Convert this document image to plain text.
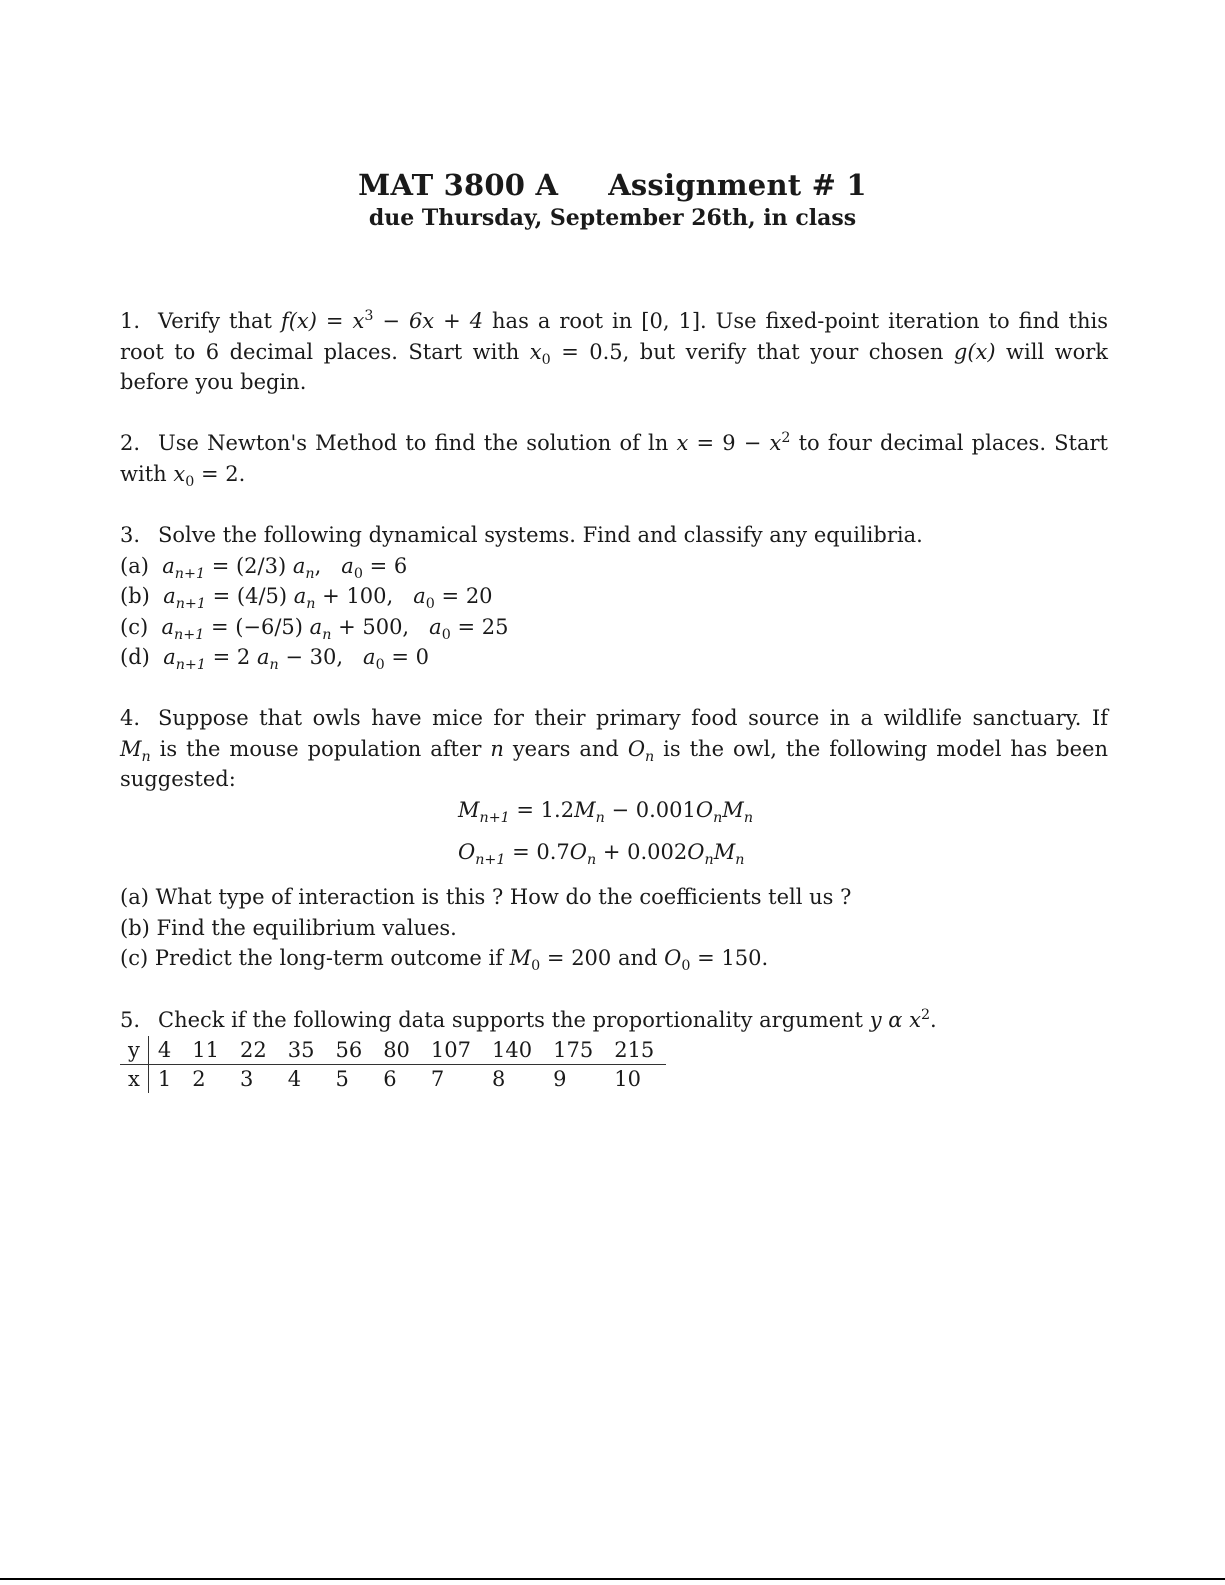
MAT 3800 A Assignment # 1
due Thursday, September 26th, in class
1. Verify that $f(x) = x^3 - 6x + 4$ has a root in [0, 1]. Use fixed-point iteration to find this
root to 6 decimal places. Start with $x_0 = 0.5$, but verify that your chosen g(x) will work
before you begin.
2. Use Newton's Method to find the solution of $\ln x = 9 - x^2$ to four decimal places. Start
with $x_0 = 2$.
3. Solve the following dynamical systems. Find and classify any equilibria.
(a) $a_{n+1} = (2/3)$ $a_n$, $a_0 = 6$
(b) $a_{n+1} = (4/5) a_n + 100$, $a_0 = 20$
(c) $a_{n+1} = (-6/5) a_n + 500$, $a_0 = 25$
(d) $a_{n+1} = 2$ $a_n - 30$, $a_0 = 0$
4. Suppose that owls have mice for their primary food source in a wildlife sanctuary. If
$M_n$ is the mouse population after n years and $O_n$ is the owl, the following model has been
suggested:
$M_{n+1} = 1.2M_n - 0.001O_nM_n$
$O_{n+1} = 0.7O_n + 0.002O_nM_n$
(a) What type of interaction is this ? How do the coefficients tell us ?
(b) Find the equilibrium values.
(c) Predict the long-term outcome if $M_0 = 200$ and $O_0 = 150$.
5. Check if the following data supports the proportionality argument y α $x^2$.
y	4	11	22	35	56	80	107	140	175	215
x	1	2	3	4	5	6	7	8	9	10
